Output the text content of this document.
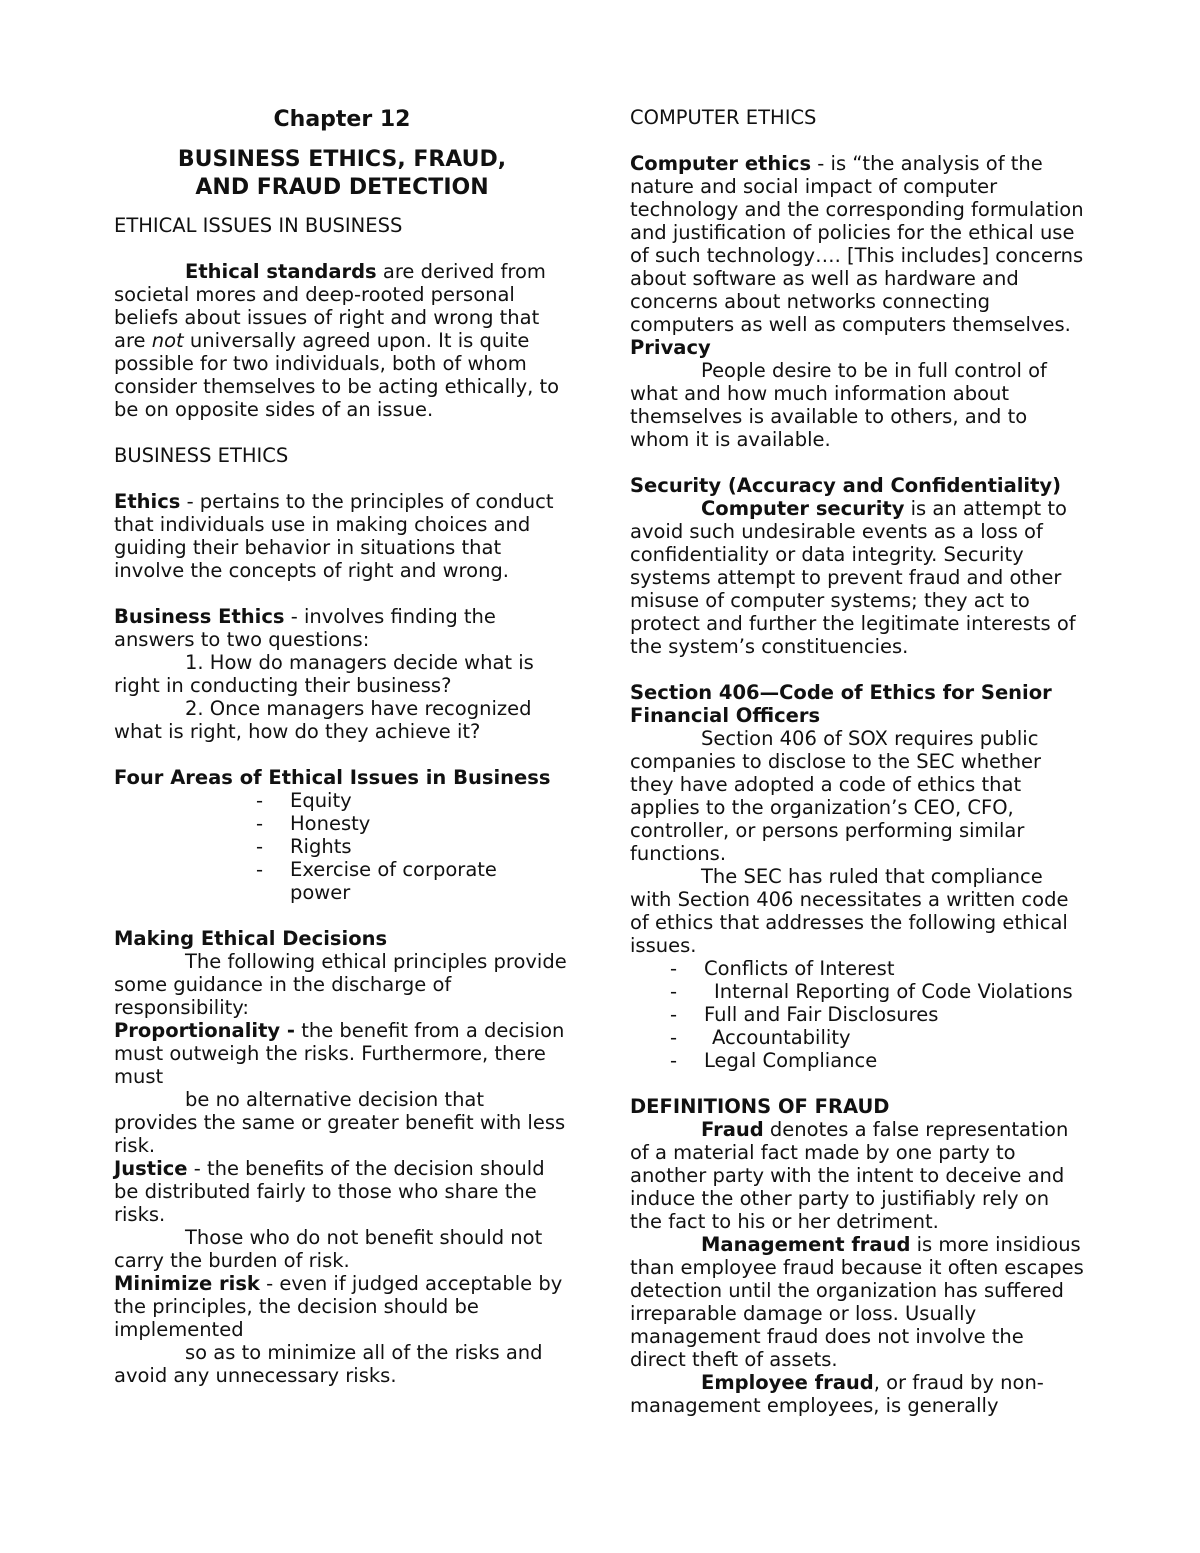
Chapter 12

BUSINESS ETHICS, FRAUD,

AND FRAUD DETECTION

ETHICAL ISSUES IN BUSINESS

Ethical standards are derived from societal mores and deep-rooted personal beliefs about issues of right and wrong that are not universally agreed upon. It is quite possible for two individuals, both of whom consider themselves to be acting ethically, to be on opposite sides of an issue.

BUSINESS ETHICS

Ethics - pertains to the principles of conduct that individuals use in making choices and guiding their behavior in situations that involve the concepts of right and wrong.

Business Ethics - involves finding the answers to two questions:

1. How do managers decide what is right in conducting their business?

2. Once managers have recognized what is right, how do they achieve it?

Four Areas of Ethical Issues in Business

- Equity
- Honesty
- Rights
- Exercise of corporate power

Making Ethical Decisions

The following ethical principles provide some guidance in the discharge of responsibility:

Proportionality - the benefit from a decision must outweigh the risks. Furthermore, there must

be no alternative decision that provides the same or greater benefit with less risk.

Justice - the benefits of the decision should be distributed fairly to those who share the risks.

Those who do not benefit should not carry the burden of risk.

Minimize risk - even if judged acceptable by the principles, the decision should be implemented

so as to minimize all of the risks and avoid any unnecessary risks.

COMPUTER ETHICS

Computer ethics - is “the analysis of the nature and social impact of computer technology and the corresponding formulation and justification of policies for the ethical use of such technology…. [This includes] concerns about software as well as hardware and concerns about networks connecting computers as well as computers themselves.

Privacy

People desire to be in full control of what and how much information about themselves is available to others, and to whom it is available.

Security (Accuracy and Confidentiality)

Computer security is an attempt to avoid such undesirable events as a loss of confidentiality or data integrity. Security systems attempt to prevent fraud and other misuse of computer systems; they act to protect and further the legitimate interests of the system’s constituencies.

Section 406—Code of Ethics for Senior Financial Officers

Section 406 of SOX requires public companies to disclose to the SEC whether they have adopted a code of ethics that applies to the organization’s CEO, CFO, controller, or persons performing similar functions.

The SEC has ruled that compliance with Section 406 necessitates a written code of ethics that addresses the following ethical issues.

- Conflicts of Interest
- Internal Reporting of Code Violations
- Full and Fair Disclosures
- Accountability
- Legal Compliance

DEFINITIONS OF FRAUD

Fraud denotes a false representation of a material fact made by one party to another party with the intent to deceive and induce the other party to justifiably rely on the fact to his or her detriment.

Management fraud is more insidious than employee fraud because it often escapes detection until the organization has suffered irreparable damage or loss. Usually management fraud does not involve the direct theft of assets.

Employee fraud, or fraud by non-management employees, is generally
